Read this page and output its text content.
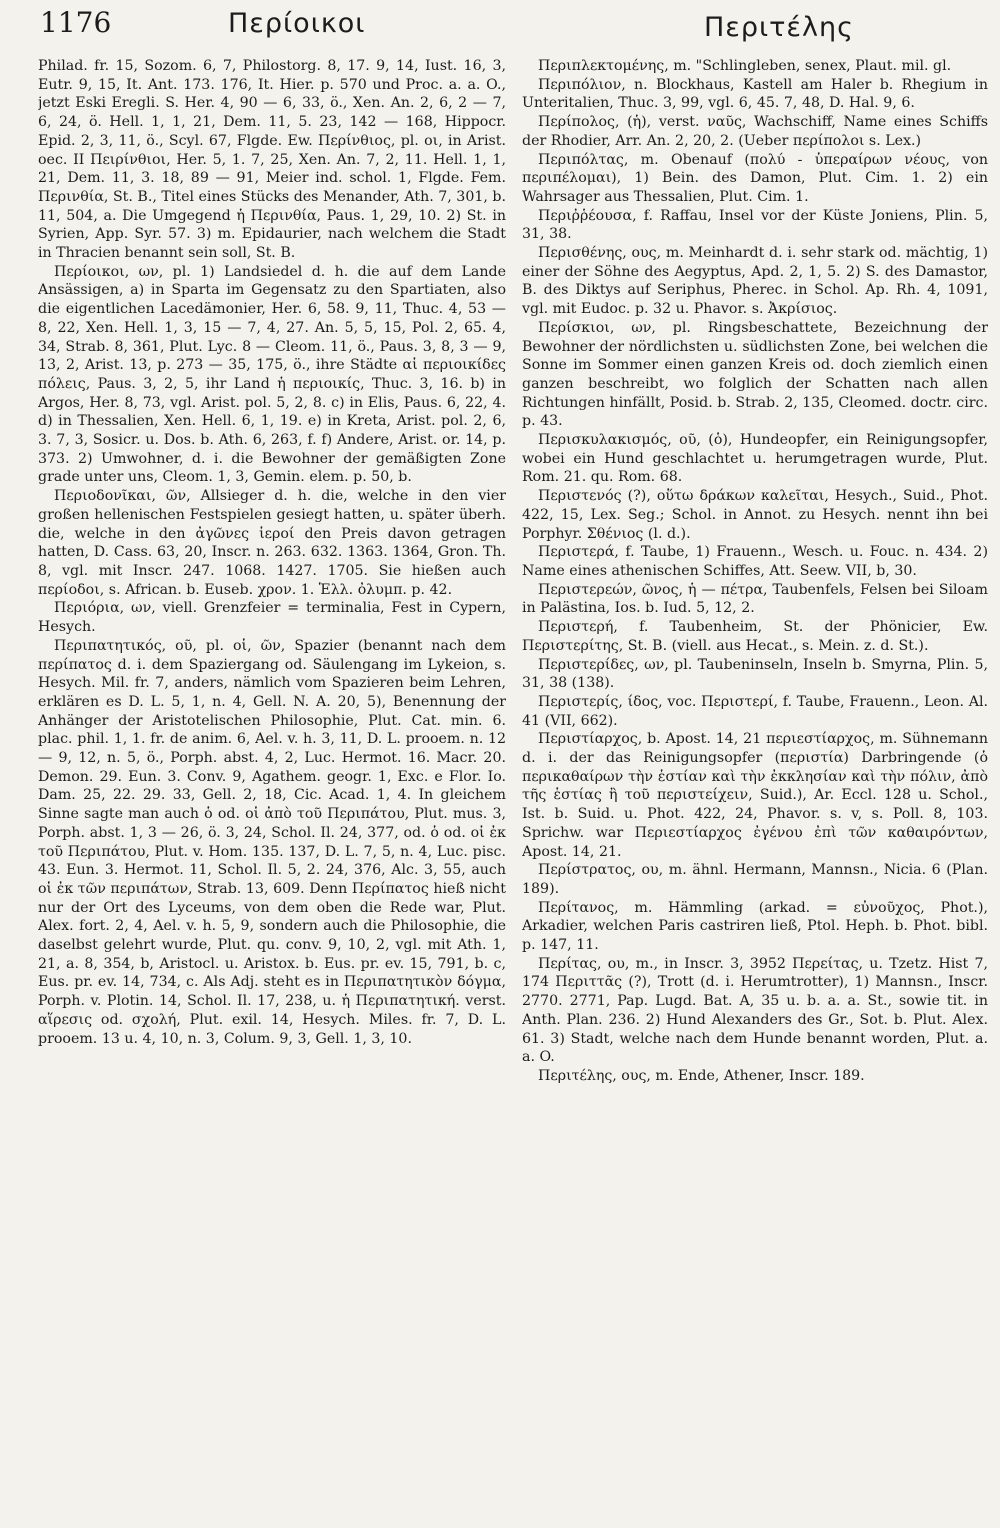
1176	Περίοικοι	Περιτέλης

Philad. fr. 15, Sozom. 6, 7, Philostorg. 8, 17. 9, 14, Iust. 16, 3, Eutr. 9, 15, It. Ant. 173. 176, It. Hier. p. 570 und Proc. a. a. O., jetzt Eski Eregli. S. Her. 4, 90 — 6, 33, ö., Xen. An. 2, 6, 2 — 7, 6, 24, ö. Hell. 1, 1, 21, Dem. 11, 5. 23, 142 — 168, Hippocr. Epid. 2, 3, 11, ö., Scyl. 67, Flgde. Ew. Περίνθιος, pl. οι, in Arist. oec. II Πειρίνθιοι, Her. 5, 1. 7, 25, Xen. An. 7, 2, 11. Hell. 1, 1, 21, Dem. 11, 3. 18, 89 — 91, Meier ind. schol. 1, Flgde. Fem. Περινθία, St. B., Titel eines Stücks des Menander, Ath. 7, 301, b. 11, 504, a. Die Umgegend ἡ Περινθία, Paus. 1, 29, 10. 2) St. in Syrien, App. Syr. 57. 3) m. Epidaurier, nach welchem die Stadt in Thracien benannt sein soll, St. B.

Περίοικοι, ων, pl. 1) Landsiedel d. h. die auf dem Lande Ansässigen, a) in Sparta im Gegensatz zu den Spartiaten, also die eigentlichen Lacedämonier, Her. 6, 58. 9, 11, Thuc. 4, 53 — 8, 22, Xen. Hell. 1, 3, 15 — 7, 4, 27. An. 5, 5, 15, Pol. 2, 65. 4, 34, Strab. 8, 361, Plut. Lyc. 8 — Cleom. 11, ö., Paus. 3, 8, 3 — 9, 13, 2, Arist. 13, p. 273 — 35, 175, ö., ihre Städte αἱ περιοικίδες πόλεις, Paus. 3, 2, 5, ihr Land ἡ περιοικίς, Thuc. 3, 16. b) in Argos, Her. 8, 73, vgl. Arist. pol. 5, 2, 8. c) in Elis, Paus. 6, 22, 4. d) in Thessalien, Xen. Hell. 6, 1, 19. e) in Kreta, Arist. pol. 2, 6, 3. 7, 3, Sosicr. u. Dos. b. Ath. 6, 263, f. f) Andere, Arist. or. 14, p. 373. 2) Umwohner, d. i. die Bewohner der gemäßigten Zone grade unter uns, Cleom. 1, 3, Gemin. elem. p. 50, b.

Περιοδονῖκαι, ῶν, Allsieger d. h. die, welche in den vier großen hellenischen Festspielen gesiegt hatten, u. später überh. die, welche in den ἀγῶνες ἱεροί den Preis davon getragen hatten, D. Cass. 63, 20, Inscr. n. 263. 632. 1363. 1364, Gron. Th. 8, vgl. mit Inscr. 247. 1068. 1427. 1705. Sie hießen auch περίοδοι, s. African. b. Euseb. χρον. 1. Ἑλλ. ὀλυμπ. p. 42.

Περιόρια, ων, viell. Grenzfeier = terminalia, Fest in Cypern, Hesych.

Περιπατητικός, οῦ, pl. οἱ, ῶν, Spazier (benannt nach dem περίπατος d. i. dem Spaziergang od. Säulengang im Lykeion, s. Hesych. Mil. fr. 7, anders, nämlich vom Spazieren beim Lehren, erklären es D. L. 5, 1, n. 4, Gell. N. A. 20, 5), Benennung der Anhänger der Aristotelischen Philosophie, Plut. Cat. min. 6. plac. phil. 1, 1. fr. de anim. 6, Ael. v. h. 3, 11, D. L. prooem. n. 12 — 9, 12, n. 5, ö., Porph. abst. 4, 2, Luc. Hermot. 16. Macr. 20. Demon. 29. Eun. 3. Conv. 9, Agathem. geogr. 1, Exc. e Flor. Io. Dam. 25, 22. 29. 33, Gell. 2, 18, Cic. Acad. 1, 4. In gleichem Sinne sagte man auch ὁ od. οἱ ἀπὸ τοῦ Περιπάτου, Plut. mus. 3, Porph. abst. 1, 3 — 26, ö. 3, 24, Schol. Il. 24, 377, od. ὁ od. οἱ ἐκ τοῦ Περιπάτου, Plut. v. Hom. 135. 137, D. L. 7, 5, n. 4, Luc. pisc. 43. Eun. 3. Hermot. 11, Schol. Il. 5, 2. 24, 376, Alc. 3, 55, auch οἱ ἐκ τῶν περιπάτων, Strab. 13, 609. Denn Περίπατος hieß nicht nur der Ort des Lyceums, von dem oben die Rede war, Plut. Alex. fort. 2, 4, Ael. v. h. 5, 9, sondern auch die Philosophie, die daselbst gelehrt wurde, Plut. qu. conv. 9, 10, 2, vgl. mit Ath. 1, 21, a. 8, 354, b, Aristocl. u. Aristox. b. Eus. pr. ev. 15, 791, b. c, Eus. pr. ev. 14, 734, c. Als Adj. steht es in Περιπατητικὸν δόγμα, Porph. v. Plotin. 14, Schol. Il. 17, 238, u. ἡ Περιπατητική. verst. αἵρεσις od. σχολή, Plut. exil. 14, Hesych. Miles. fr. 7, D. L. prooem. 13 u. 4, 10, n. 3, Colum. 9, 3, Gell. 1, 3, 10.

Περιπλεκτομένης, m. "Schlingleben, senex, Plaut. mil. gl.

Περιπόλιον, n. Blockhaus, Kastell am Haler b. Rhegium in Unteritalien, Thuc. 3, 99, vgl. 6, 45. 7, 48, D. Hal. 9, 6.

Περίπολος, (ἡ), verst. ναῦς, Wachschiff, Name eines Schiffs der Rhodier, Arr. An. 2, 20, 2. (Ueber περίπολοι s. Lex.)

Περιπόλτας, m. Obenauf (πολύ - ὑπεραίρων νέους, von περιπέλομαι), 1) Bein. des Damon, Plut. Cim. 1. 2) ein Wahrsager aus Thessalien, Plut. Cim. 1.

Περιῤῥέουσα, f. Raffau, Insel vor der Küste Joniens, Plin. 5, 31, 38.

Περισθένης, ους, m. Meinhardt d. i. sehr stark od. mächtig, 1) einer der Söhne des Aegyptus, Apd. 2, 1, 5. 2) S. des Damastor, B. des Diktys auf Seriphus, Pherec. in Schol. Ap. Rh. 4, 1091, vgl. mit Eudoc. p. 32 u. Phavor. s. Ἀκρίσιος.

Περίσκιοι, ων, pl. Ringsbeschattete, Bezeichnung der Bewohner der nördlichsten u. südlichsten Zone, bei welchen die Sonne im Sommer einen ganzen Kreis od. doch ziemlich einen ganzen beschreibt, wo folglich der Schatten nach allen Richtungen hinfällt, Posid. b. Strab. 2, 135, Cleomed. doctr. circ. p. 43.

Περισκυλακισμός, οῦ, (ὁ), Hundeopfer, ein Reinigungsopfer, wobei ein Hund geschlachtet u. herumgetragen wurde, Plut. Rom. 21. qu. Rom. 68.

Περιστενός (?), οὕτω δράκων καλεῖται, Hesych., Suid., Phot. 422, 15, Lex. Seg.; Schol. in Annot. zu Hesych. nennt ihn bei Porphyr. Σθένιος (l. d.).

Περιστερά, f. Taube, 1) Frauenn., Wesch. u. Fouc. n. 434. 2) Name eines athenischen Schiffes, Att. Seew. VII, b, 30.

Περιστερεών, ῶνος, ἡ — πέτρα, Taubenfels, Felsen bei Siloam in Palästina, Ios. b. Iud. 5, 12, 2.

Περιστερή, f. Taubenheim, St. der Phönicier, Ew. Περιστερίτης, St. B. (viell. aus Hecat., s. Mein. z. d. St.).

Περιστερίδες, ων, pl. Taubeninseln, Inseln b. Smyrna, Plin. 5, 31, 38 (138).

Περιστερίς, ίδος, voc. Περιστερί, f. Taube, Frauenn., Leon. Al. 41 (VII, 662).

Περιστίαρχος, b. Apost. 14, 21 περιεστίαρχος, m. Sühnemann d. i. der das Reinigungsopfer (περιστία) Darbringende (ὁ περικαθαίρων τὴν ἑστίαν καὶ τὴν ἐκκλησίαν καὶ τὴν πόλιν, ἀπὸ τῆς ἑστίας ἢ τοῦ περιστείχειν, Suid.), Ar. Eccl. 128 u. Schol., Ist. b. Suid. u. Phot. 422, 24, Phavor. s. v, s. Poll. 8, 103. Sprichw. war Περιεστίαρχος ἐγένου ἐπὶ τῶν καθαιρόντων, Apost. 14, 21.

Περίστρατος, ου, m. ähnl. Hermann, Mannsn., Nicia. 6 (Plan. 189).

Περίτανος, m. Hämmling (arkad. = εὐνοῦχος, Phot.), Arkadier, welchen Paris castriren ließ, Ptol. Heph. b. Phot. bibl. p. 147, 11.

Περίτας, ου, m., in Inscr. 3, 3952 Περείτας, u. Tzetz. Hist 7, 174 Περιττᾶς (?), Trott (d. i. Herumtrotter), 1) Mannsn., Inscr. 2770. 2771, Pap. Lugd. Bat. A, 35 u. b. a. a. St., sowie tit. in Anth. Plan. 236. 2) Hund Alexanders des Gr., Sot. b. Plut. Alex. 61. 3) Stadt, welche nach dem Hunde benannt worden, Plut. a. a. O.

Περιτέλης, ους, m. Ende, Athener, Inscr. 189.
